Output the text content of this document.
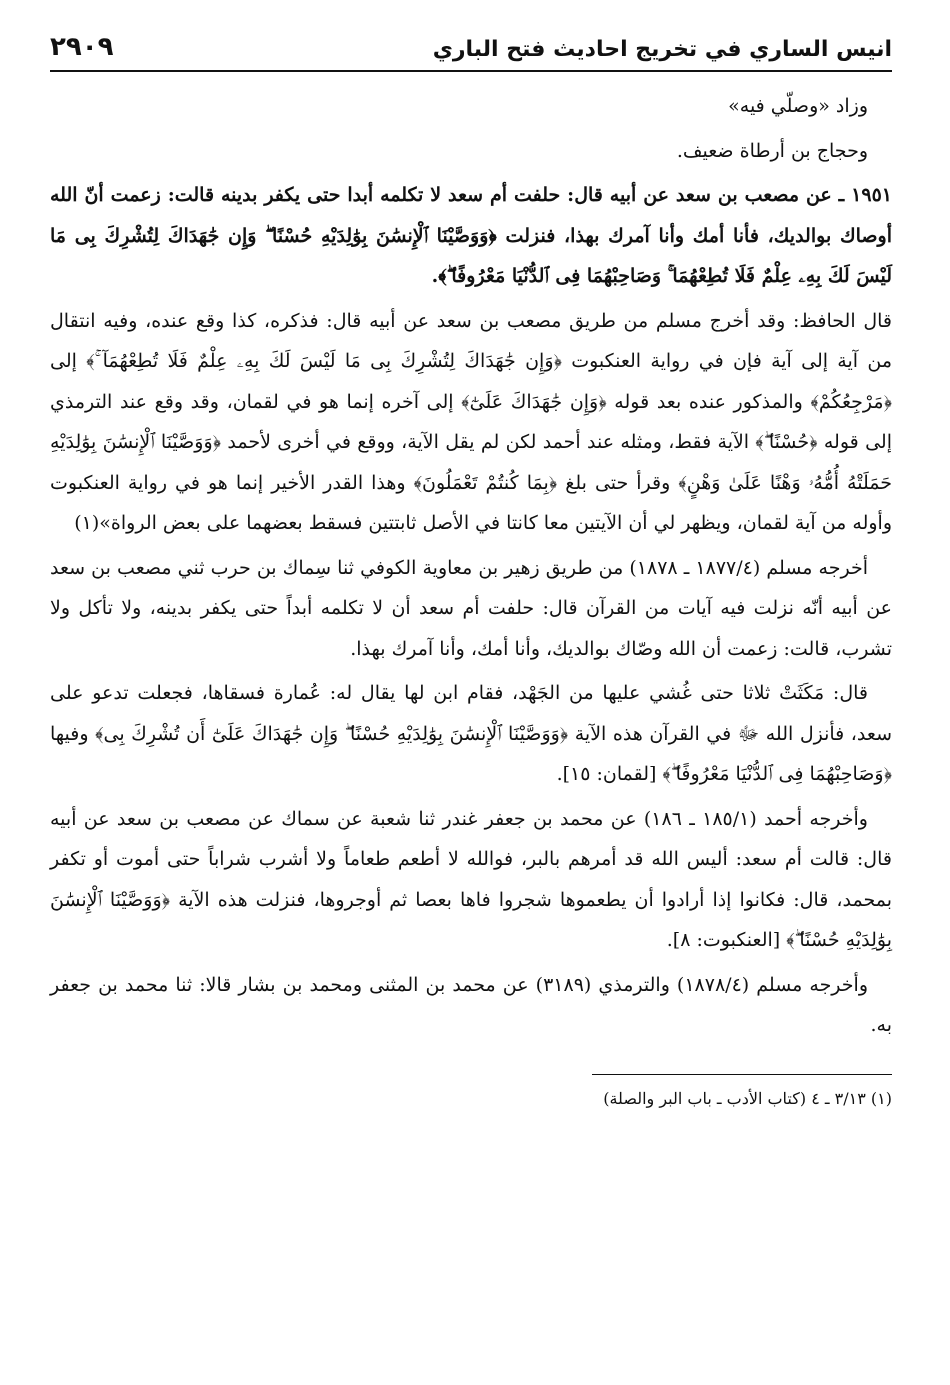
انيس الساري في تخريج احاديث فتح الباري
٢٩٠٩

وزاد «وصلّي فيه»

وحجاج بن أرطاة ضعيف.

١٩٥١ ـ عن مصعب بن سعد عن أبيه قال: حلفت أم سعد لا تكلمه أبدا حتى يكفر بدينه قالت: زعمت أنّ الله أوصاك بوالديك، فأنا أمك وأنا آمرك بهذا، فنزلت ﴿وَوَصَّيْنَا ٱلْإِنسَٰنَ بِوَٰلِدَيْهِ حُسْنًا ۖ وَإِن جَٰهَدَاكَ لِتُشْرِكَ بِى مَا لَيْسَ لَكَ بِهِۦ عِلْمٌ فَلَا تُطِعْهُمَا ۚ وَصَاحِبْهُمَا فِى ٱلدُّنْيَا مَعْرُوفًا ۖ﴾.

قال الحافظ: وقد أخرج مسلم من طريق مصعب بن سعد عن أبيه قال: فذكره، كذا وقع عنده، وفيه انتقال من آية إلى آية فإن في رواية العنكبوت ﴿وَإِن جَٰهَدَاكَ لِتُشْرِكَ بِى مَا لَيْسَ لَكَ بِهِۦ عِلْمٌ فَلَا تُطِعْهُمَآ ۚ﴾ إلى ﴿مَرْجِعُكُمْ﴾ والمذكور عنده بعد قوله ﴿وَإِن جَٰهَدَاكَ عَلَىٰٓ﴾ إلى آخره إنما هو في لقمان، وقد وقع عند الترمذي إلى قوله ﴿حُسْنًا ۖ﴾ الآية فقط، ومثله عند أحمد لكن لم يقل الآية، ووقع في أخرى لأحمد ﴿وَوَصَّيْنَا ٱلْإِنسَٰنَ بِوَٰلِدَيْهِ حَمَلَتْهُ أُمُّهُۥ وَهْنًا عَلَىٰ وَهْنٍ﴾ وقرأ حتى بلغ ﴿بِمَا كُنتُمْ تَعْمَلُونَ﴾ وهذا القدر الأخير إنما هو في رواية العنكبوت وأوله من آية لقمان، ويظهر لي أن الآيتين معا كانتا في الأصل ثابتتين فسقط بعضهما على بعض الرواة»(١)

أخرجه مسلم (١٨٧٧/٤ ـ ١٨٧٨) من طريق زهير بن معاوية الكوفي ثنا سِماك بن حرب ثني مصعب بن سعد عن أبيه أنّه نزلت فيه آيات من القرآن قال: حلفت أم سعد أن لا تكلمه أبداً حتى يكفر بدينه، ولا تأكل ولا تشرب، قالت: زعمت أن الله وصّاك بوالديك، وأنا أمك، وأنا آمرك بهذا.

قال: مَكَثَتْ ثلاثا حتى غُشي عليها من الجَهْد، فقام ابن لها يقال له: عُمارة فسقاها، فجعلت تدعو على سعد، فأنزل الله ﷻ في القرآن هذه الآية ﴿وَوَصَّيْنَا ٱلْإِنسَٰنَ بِوَٰلِدَيْهِ حُسْنًا ۖ وَإِن جَٰهَدَاكَ عَلَىٰٓ أَن تُشْرِكَ بِى﴾ وفيها ﴿وَصَاحِبْهُمَا فِى ٱلدُّنْيَا مَعْرُوفًا ۖ﴾ [لقمان: ١٥].

وأخرجه أحمد (١٨٥/١ ـ ١٨٦) عن محمد بن جعفر غندر ثنا شعبة عن سماك عن مصعب بن سعد عن أبيه قال: قالت أم سعد: أليس الله قد أمرهم بالبر، فوالله لا أطعم طعاماً ولا أشرب شراباً حتى أموت أو تكفر بمحمد، قال: فكانوا إذا أرادوا أن يطعموها شجروا فاها بعصا ثم أوجروها، فنزلت هذه الآية ﴿وَوَصَّيْنَا ٱلْإِنسَٰنَ بِوَٰلِدَيْهِ حُسْنًا ۖ﴾ [العنكبوت: ٨].

وأخرجه مسلم (١٨٧٨/٤) والترمذي (٣١٨٩) عن محمد بن المثنى ومحمد بن بشار قالا: ثنا محمد بن جعفر به.

(١) ٣/١٣ ـ ٤ (كتاب الأدب ـ باب البر والصلة)
